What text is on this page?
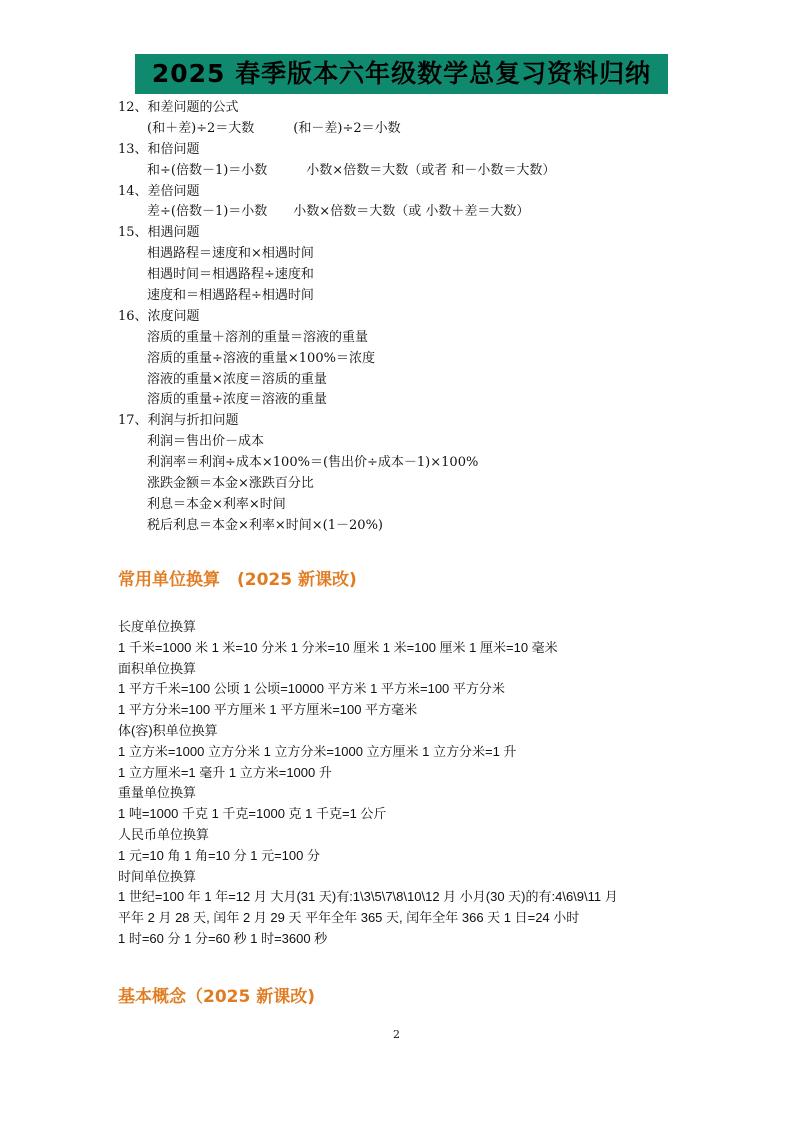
2025 春季版本六年级数学总复习资料归纳
12、和差问题的公式
(和＋差)÷2＝大数　　　(和－差)÷2＝小数
13、和倍问题
和÷(倍数－1)＝小数　　　小数×倍数＝大数（或者 和－小数＝大数）
14、差倍问题
差÷(倍数－1)＝小数　　小数×倍数＝大数（或 小数＋差＝大数）
15、相遇问题
相遇路程＝速度和×相遇时间
相遇时间＝相遇路程÷速度和
速度和＝相遇路程÷相遇时间
16、浓度问题
溶质的重量＋溶剂的重量＝溶液的重量
溶质的重量÷溶液的重量×100%＝浓度
溶液的重量×浓度＝溶质的重量
溶质的重量÷浓度＝溶液的重量
17、利润与折扣问题
利润＝售出价－成本
利润率＝利润÷成本×100%＝(售出价÷成本－1)×100%
涨跌金额＝本金×涨跌百分比
利息＝本金×利率×时间
税后利息＝本金×利率×时间×(1－20%)
常用单位换算　(2025 新课改)
长度单位换算
1 千米=1000 米 1 米=10 分米 1 分米=10 厘米 1 米=100 厘米 1 厘米=10 毫米
面积单位换算
1 平方千米=100 公顷 1 公顷=10000 平方米 1 平方米=100 平方分米
1 平方分米=100 平方厘米 1 平方厘米=100 平方毫米
体(容)积单位换算
1 立方米=1000 立方分米 1 立方分米=1000 立方厘米 1 立方分米=1 升
1 立方厘米=1 毫升 1 立方米=1000 升
重量单位换算
1 吨=1000 千克 1 千克=1000 克 1 千克=1 公斤
人民币单位换算
1 元=10 角 1 角=10 分 1 元=100 分
时间单位换算
1 世纪=100 年 1 年=12 月 大月(31 天)有:1\3\5\7\8\10\12 月 小月(30 天)的有:4\6\9\11 月
平年 2 月 28 天, 闰年 2 月 29 天 平年全年 365 天, 闰年全年 366 天 1 日=24 小时
1 时=60 分 1 分=60 秒 1 时=3600 秒
基本概念（2025 新课改)
2
